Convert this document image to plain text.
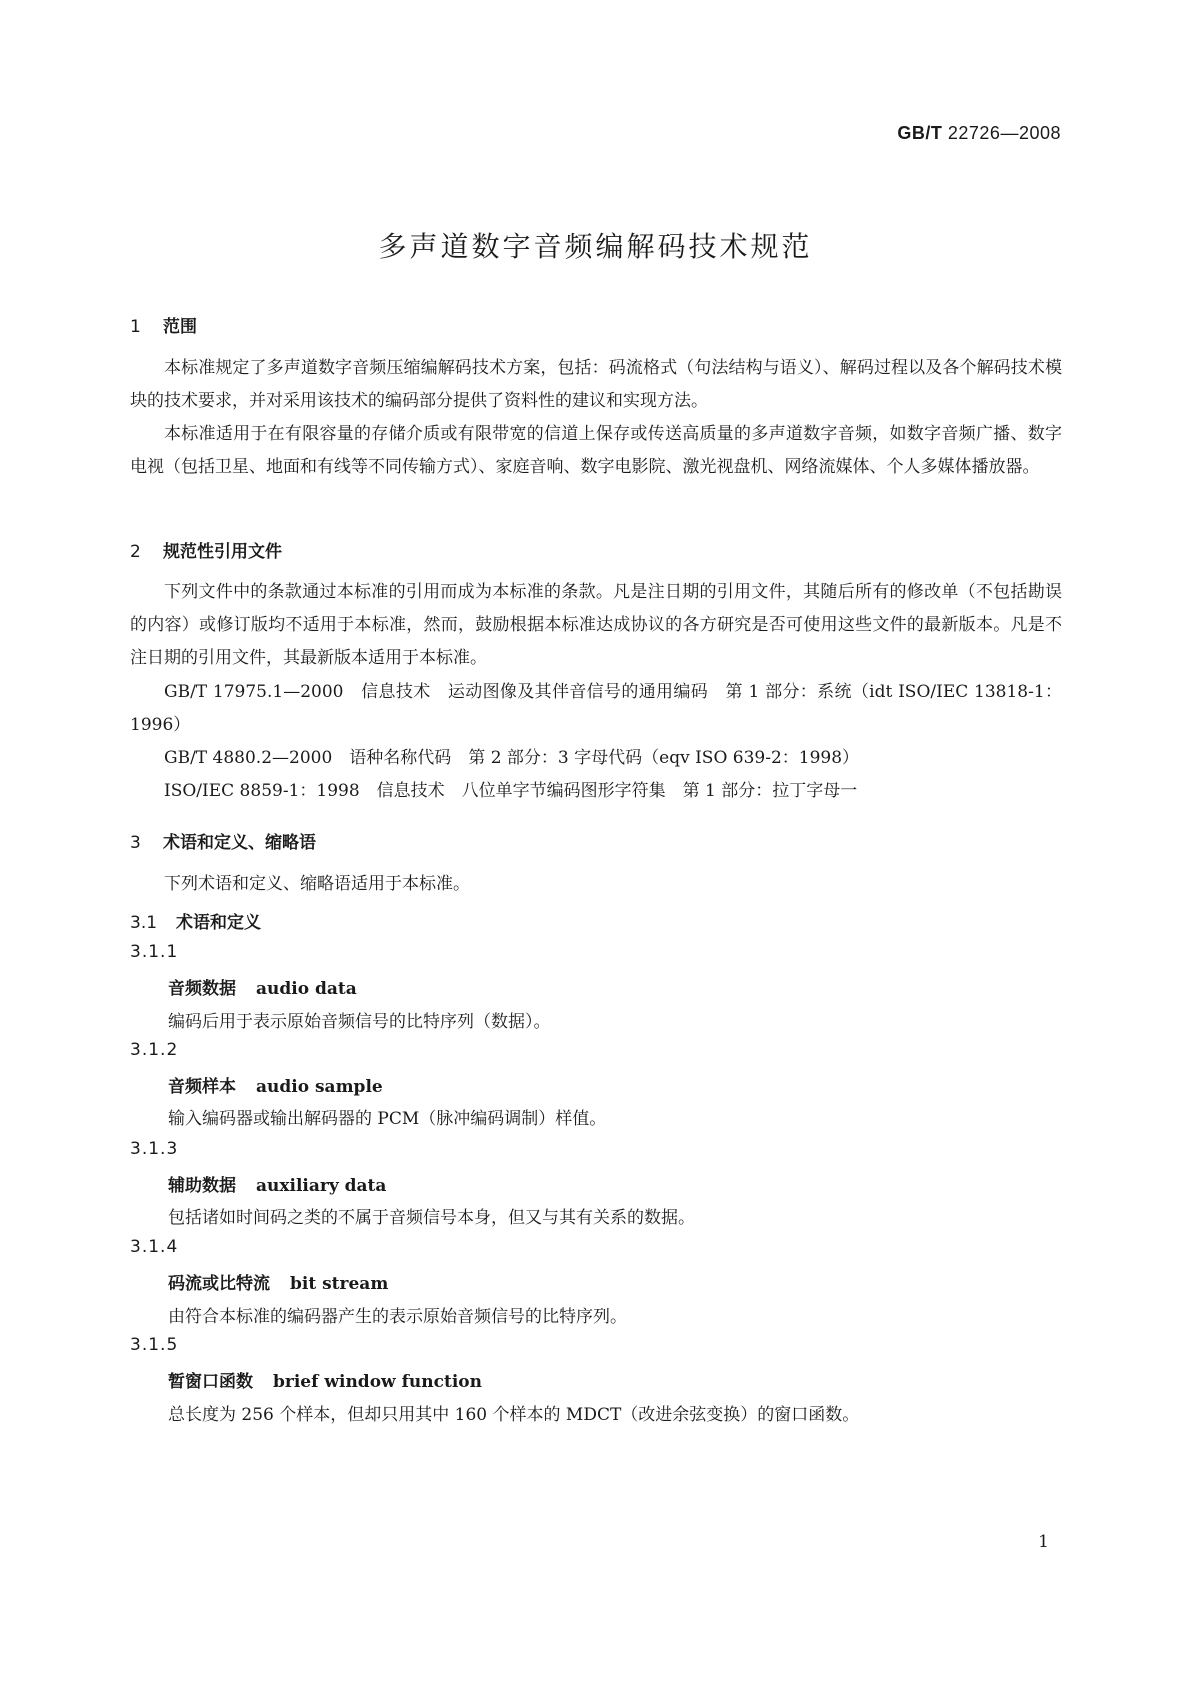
GB/T 22726—2008
多声道数字音频编解码技术规范
1 范围
本标准规定了多声道数字音频压缩编解码技术方案，包括：码流格式（句法结构与语义）、解码过程以及各个解码技术模块的技术要求，并对采用该技术的编码部分提供了资料性的建议和实现方法。
本标准适用于在有限容量的存储介质或有限带宽的信道上保存或传送高质量的多声道数字音频，如数字音频广播、数字电视（包括卫星、地面和有线等不同传输方式）、家庭音响、数字电影院、激光视盘机、网络流媒体、个人多媒体播放器。
2 规范性引用文件
下列文件中的条款通过本标准的引用而成为本标准的条款。凡是注日期的引用文件，其随后所有的修改单（不包括勘误的内容）或修订版均不适用于本标准，然而，鼓励根据本标准达成协议的各方研究是否可使用这些文件的最新版本。凡是不注日期的引用文件，其最新版本适用于本标准。
GB/T 17975.1—2000　信息技术　运动图像及其伴音信号的通用编码　第 1 部分：系统（idt ISO/IEC 13818-1：1996）
GB/T 4880.2—2000　语种名称代码　第 2 部分：3 字母代码（eqv ISO 639-2：1998）
ISO/IEC 8859-1：1998　信息技术　八位单字节编码图形字符集　第 1 部分：拉丁字母一
3 术语和定义、缩略语
下列术语和定义、缩略语适用于本标准。
3.1 术语和定义
3.1.1
音频数据 audio data
编码后用于表示原始音频信号的比特序列（数据）。
3.1.2
音频样本 audio sample
输入编码器或输出解码器的 PCM（脉冲编码调制）样值。
3.1.3
辅助数据 auxiliary data
包括诸如时间码之类的不属于音频信号本身，但又与其有关系的数据。
3.1.4
码流或比特流 bit stream
由符合本标准的编码器产生的表示原始音频信号的比特序列。
3.1.5
暂窗口函数 brief window function
总长度为 256 个样本，但却只用其中 160 个样本的 MDCT（改进余弦变换）的窗口函数。
1
